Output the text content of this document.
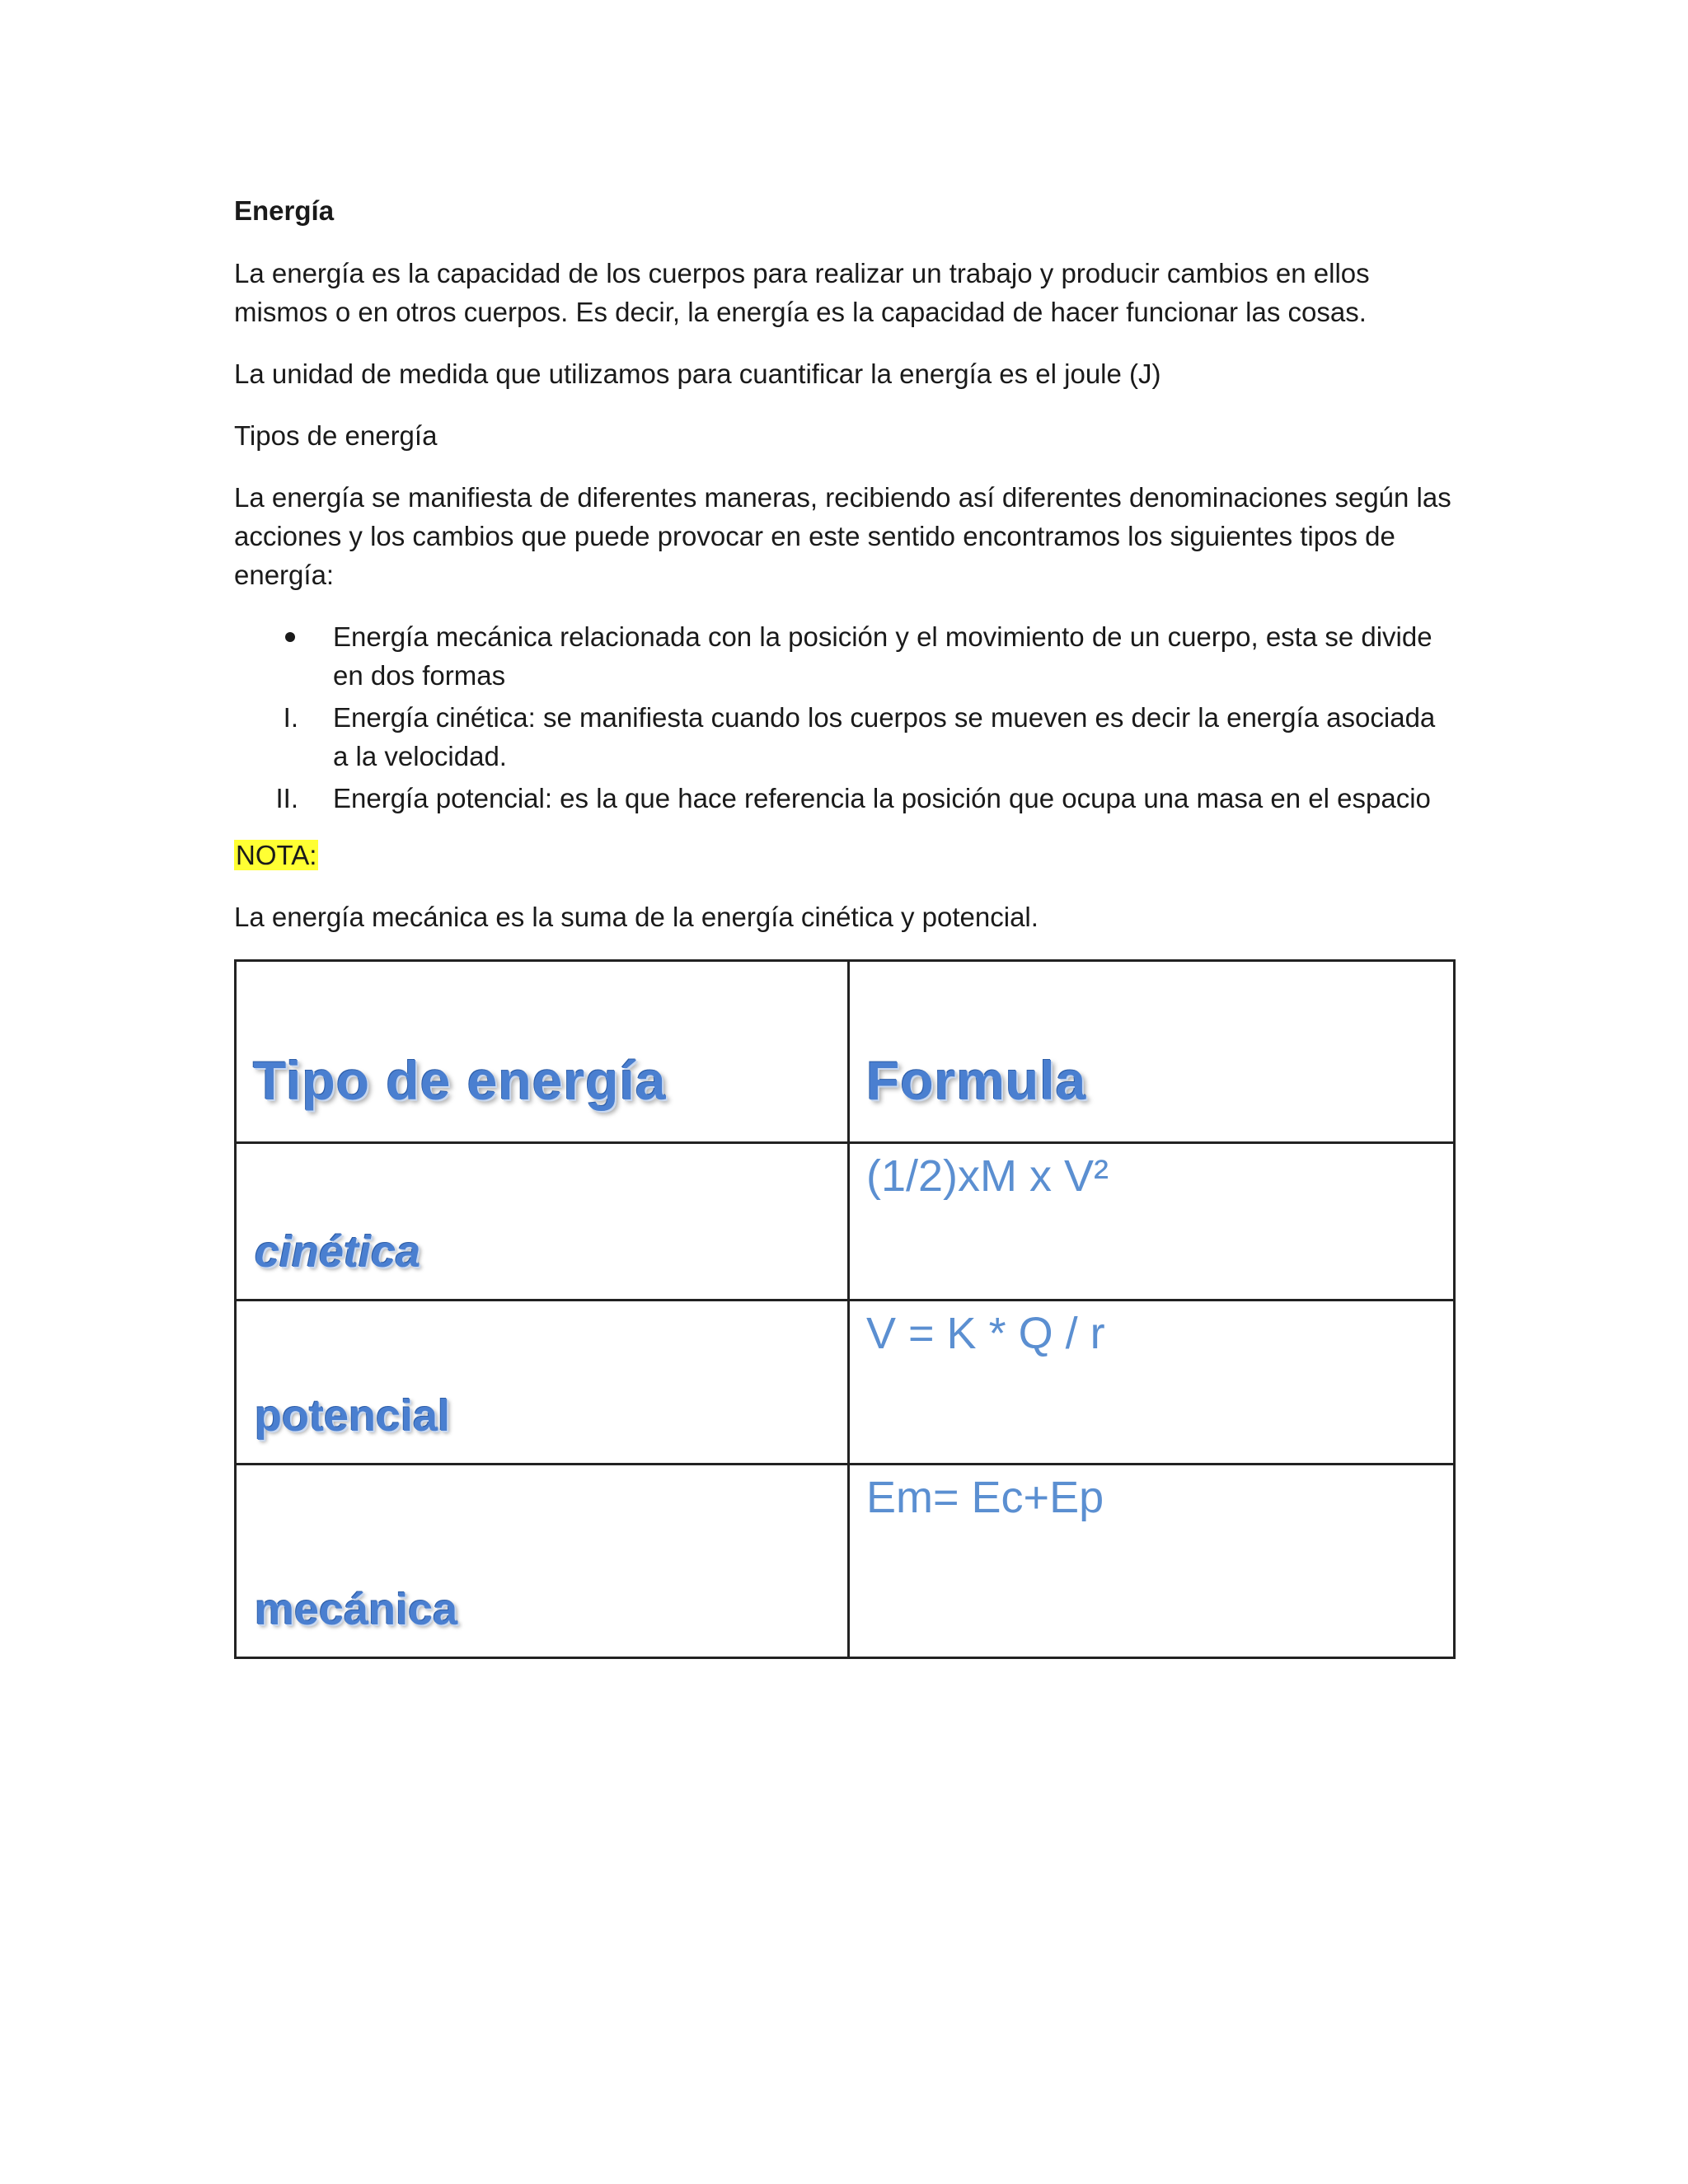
Energía

La energía es la capacidad de los cuerpos para realizar un trabajo y producir cambios en ellos mismos o en otros cuerpos. Es decir, la energía es la capacidad de hacer funcionar las cosas.

La unidad de medida que utilizamos para cuantificar la energía es el joule (J)

Tipos de energía

La energía se manifiesta de diferentes maneras, recibiendo así diferentes denominaciones según las acciones y los cambios que puede provocar en este sentido encontramos los siguientes tipos de energía:

Energía mecánica relacionada con la posición y el movimiento de un cuerpo, esta se divide en dos formas
I. Energía cinética: se manifiesta cuando los cuerpos se mueven es decir la energía asociada a la velocidad.
II. Energía potencial: es la que hace referencia la posición que ocupa una masa en el espacio

NOTA:

La energía mecánica es la suma de la energía cinética y potencial.

Tipo de energía	Formula

cinética	(1/2)xM x V²

potencial	V = K * Q / r

mecánica	Em= Ec+Ep
